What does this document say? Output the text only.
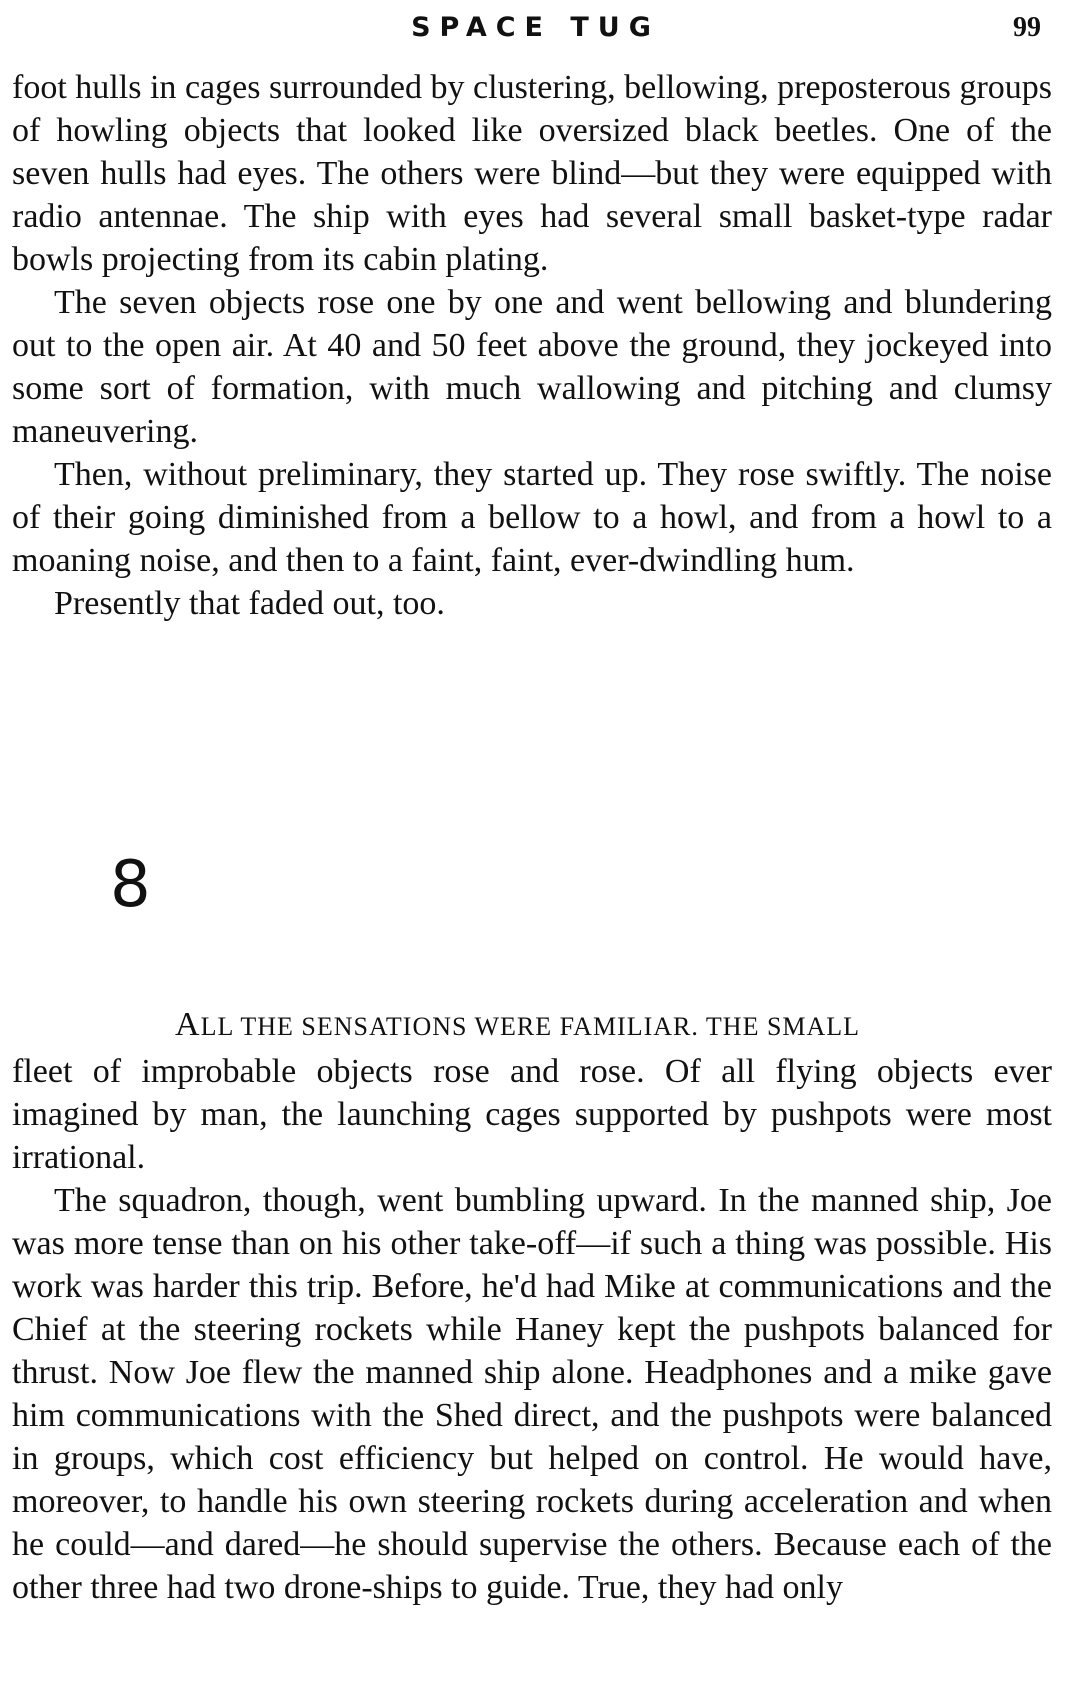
SPACE TUG	99

foot hulls in cages surrounded by clustering, bellowing, preposterous groups of howling objects that looked like oversized black beetles. One of the seven hulls had eyes. The others were blind—but they were equipped with radio antennae. The ship with eyes had several small basket-type radar bowls projecting from its cabin plating.

The seven objects rose one by one and went bellowing and blundering out to the open air. At 40 and 50 feet above the ground, they jockeyed into some sort of formation, with much wallowing and pitching and clumsy maneuvering.

Then, without preliminary, they started up. They rose swiftly. The noise of their going diminished from a bellow to a howl, and from a howl to a moaning noise, and then to a faint, faint, ever-dwindling hum.

Presently that faded out, too.

8
ALL THE SENSATIONS WERE FAMILIAR. THE SMALL

fleet of improbable objects rose and rose. Of all flying objects ever imagined by man, the launching cages supported by pushpots were most irrational.

The squadron, though, went bumbling upward. In the manned ship, Joe was more tense than on his other take-off—if such a thing was possible. His work was harder this trip. Before, he'd had Mike at communications and the Chief at the steering rockets while Haney kept the pushpots balanced for thrust. Now Joe flew the manned ship alone. Headphones and a mike gave him communications with the Shed direct, and the pushpots were balanced in groups, which cost efficiency but helped on control. He would have, moreover, to handle his own steering rockets during acceleration and when he could—and dared—he should supervise the others. Because each of the other three had two drone-ships to guide. True, they had only
